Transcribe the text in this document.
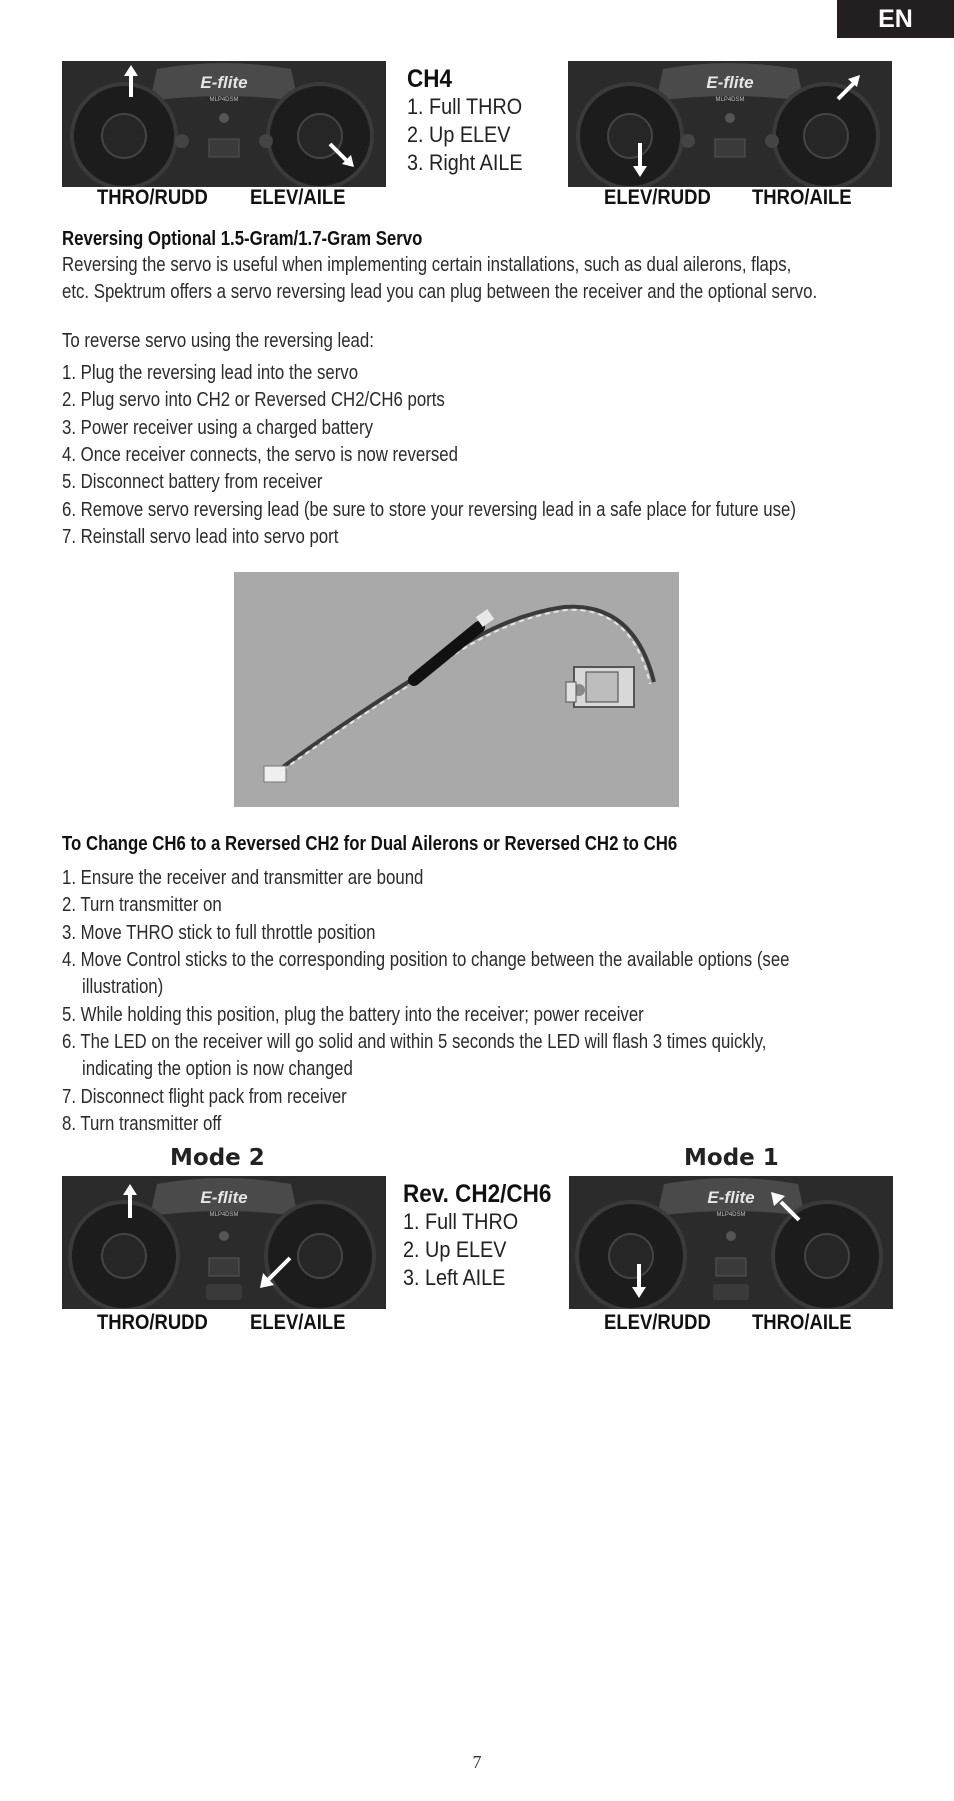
EN
E-flite
MLP4DSM
THRO/RUDD ELEV/AILE
CH4
1. Full THRO
2. Up ELEV
3. Right AILE
E-flite
MLP4DSM
ELEV/RUDD THRO/AILE
Reversing Optional 1.5-Gram/1.7-Gram Servo
Reversing the servo is useful when implementing certain installations, such as dual ailerons, flaps,
etc. Spektrum offers a servo reversing lead you can plug between the receiver and the optional servo.
To reverse servo using the reversing lead:
1. Plug the reversing lead into the servo
2. Plug servo into CH2 or Reversed CH2/CH6 ports
3. Power receiver using a charged battery
4. Once receiver connects, the servo is now reversed
5. Disconnect battery from receiver
6. Remove servo reversing lead (be sure to store your reversing lead in a safe place for future use)
7. Reinstall servo lead into servo port
To Change CH6 to a Reversed CH2 for Dual Ailerons or Reversed CH2 to CH6
1. Ensure the receiver and transmitter are bound
2. Turn transmitter on
3. Move THRO stick to full throttle position
4. Move Control sticks to the corresponding position to change between the available options (see
illustration)
5. While holding this position, plug the battery into the receiver; power receiver
6. The LED on the receiver will go solid and within 5 seconds the LED will flash 3 times quickly,
indicating the option is now changed
7. Disconnect flight pack from receiver
8. Turn transmitter off
Mode 2	Mode 1
E-flite
MLP4DSM
THRO/RUDD ELEV/AILE
Rev. CH2/CH6
1. Full THRO
2. Up ELEV
3. Left AILE
E-flite
MLP4DSM
ELEV/RUDD THRO/AILE
7
